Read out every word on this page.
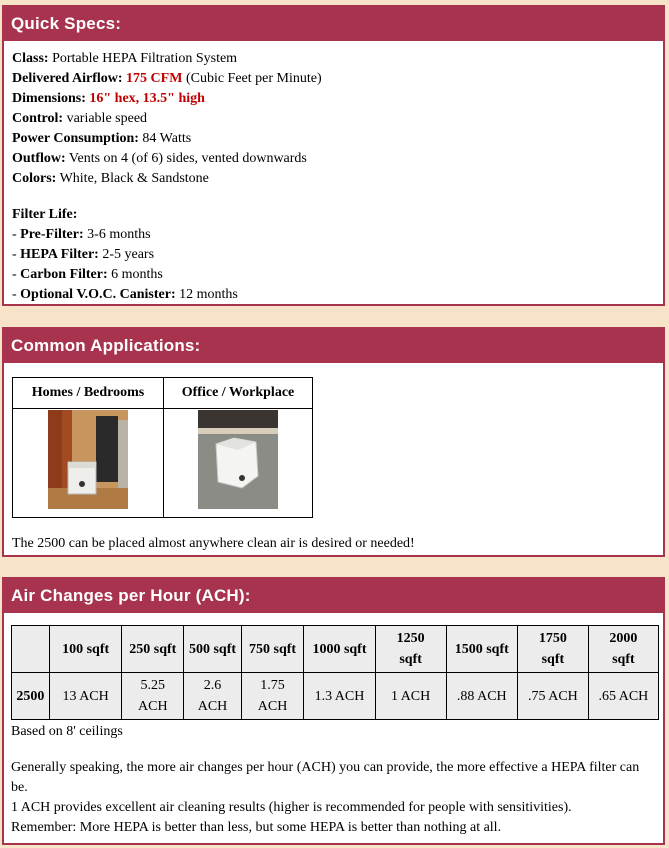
Quick Specs:
Class: Portable HEPA Filtration System
Delivered Airflow: 175 CFM (Cubic Feet per Minute)
Dimensions: 16" hex, 13.5" high
Control: variable speed
Power Consumption: 84 Watts
Outflow: Vents on 4 (of 6) sides, vented downwards
Colors: White, Black & Sandstone
Filter Life:
- Pre-Filter: 3-6 months
- HEPA Filter: 2-5 years
- Carbon Filter: 6 months
- Optional V.O.C. Canister: 12 months
Common Applications:
Homes / Bedrooms	Office / Workplace

The 2500 can be placed almost anywhere clean air is desired or needed!
Air Changes per Hour (ACH):
	100 sqft	250 sqft	500 sqft	750 sqft	1000 sqft	1250 sqft	1500 sqft	1750 sqft	2000 sqft
2500	13 ACH	5.25 ACH	2.6 ACH	1.75 ACH	1.3 ACH	1 ACH	.88 ACH	.75 ACH	.65 ACH
Based on 8' ceilings
Generally speaking, the more air changes per hour (ACH) you can provide, the more effective a HEPA filter can be.
1 ACH provides excellent air cleaning results (higher is recommended for people with sensitivities).
Remember: More HEPA is better than less, but some HEPA is better than nothing at all.
